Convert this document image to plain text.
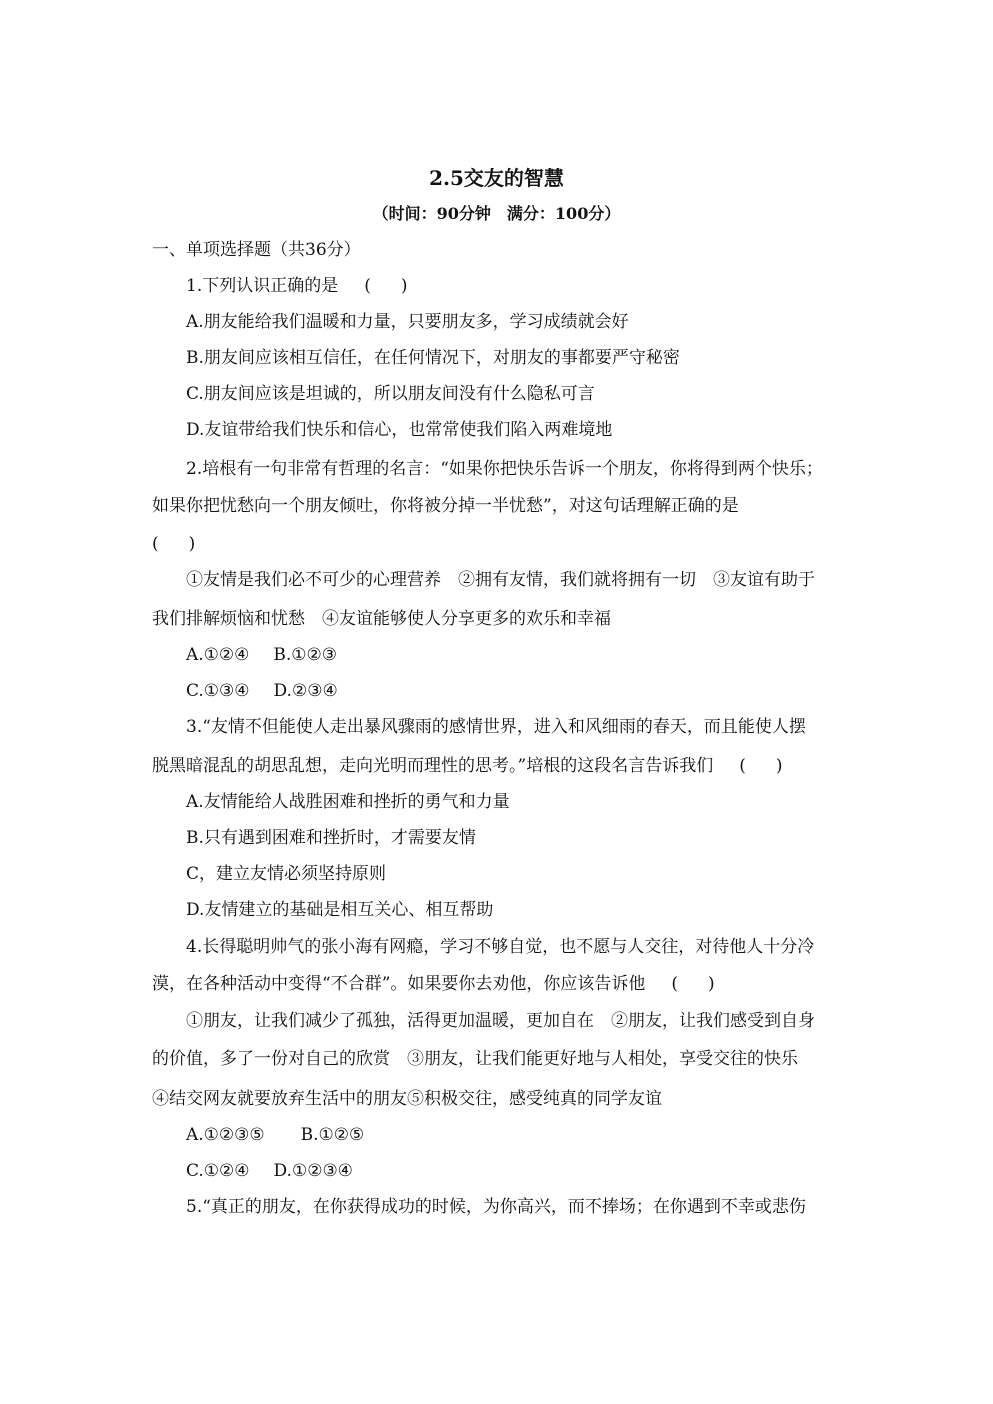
2.5交友的智慧
（时间：90分钟　满分：100分）
一、单项选择题（共36分）
1.下列认识正确的是 ( )
A.朋友能给我们温暖和力量，只要朋友多，学习成绩就会好
B.朋友间应该相互信任，在任何情况下，对朋友的事都要严守秘密
C.朋友间应该是坦诚的，所以朋友间没有什么隐私可言
D.友谊带给我们快乐和信心，也常常使我们陷入两难境地
2.培根有一句非常有哲理的名言：“如果你把快乐告诉一个朋友，你将得到两个快乐；
如果你把忧愁向一个朋友倾吐，你将被分掉一半忧愁”，对这句话理解正确的是
( )
①友情是我们必不可少的心理营养　②拥有友情，我们就将拥有一切　③友谊有助于
我们排解烦恼和忧愁　④友谊能够使人分享更多的欢乐和幸福
A.①②④ B.①②③
C.①③④ D.②③④
3.“友情不但能使人走出暴风骤雨的感情世界，进入和风细雨的春天，而且能使人摆
脱黑暗混乱的胡思乱想，走向光明而理性的思考。”培根的这段名言告诉我们 ( )
A.友情能给人战胜困难和挫折的勇气和力量
B.只有遇到困难和挫折时，才需要友情
C，建立友情必须坚持原则
D.友情建立的基础是相互关心、相互帮助
4.长得聪明帅气的张小海有网瘾，学习不够自觉，也不愿与人交往，对待他人十分冷
漠，在各种活动中变得“不合群”。如果要你去劝他，你应该告诉他 ( )
①朋友，让我们减少了孤独，活得更加温暖，更加自在　②朋友，让我们感受到自身
的价值，多了一份对自己的欣赏　③朋友，让我们能更好地与人相处，享受交往的快乐
④结交网友就要放弃生活中的朋友⑤积极交往，感受纯真的同学友谊
A.①②③⑤ B.①②⑤
C.①②④ D.①②③④
5.“真正的朋友，在你获得成功的时候，为你高兴，而不捧场；在你遇到不幸或悲伤
